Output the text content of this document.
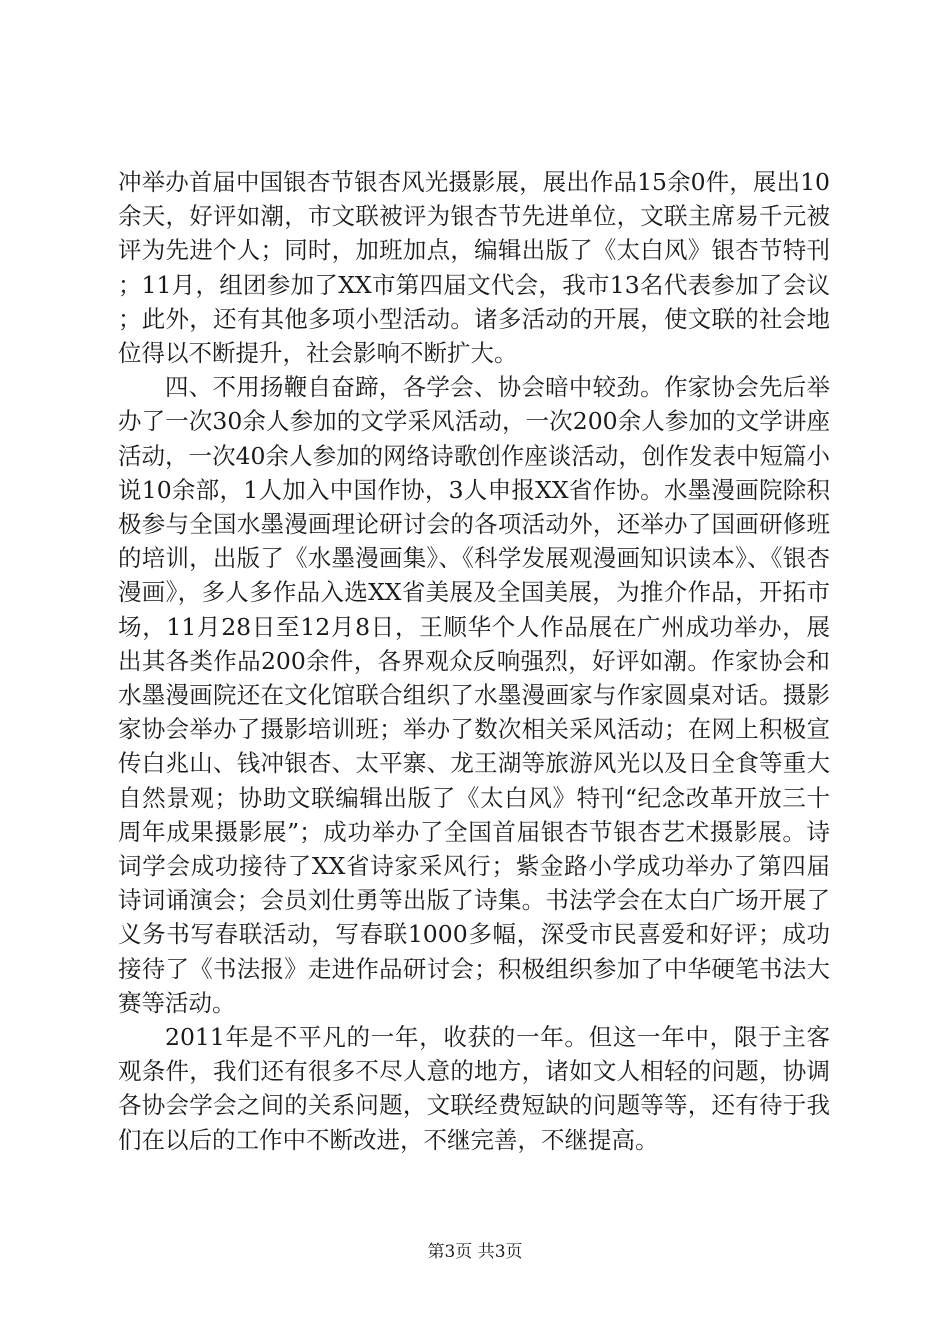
冲举办首届中国银杏节银杏风光摄影展，展出作品15余0件，展出10余天，好评如潮，市文联被评为银杏节先进单位，文联主席易千元被评为先进个人；同时，加班加点，编辑出版了《太白风》银杏节特刊；11月，组团参加了XX市第四届文代会，我市13名代表参加了会议；此外，还有其他多项小型活动。诸多活动的开展，使文联的社会地位得以不断提升，社会影响不断扩大。

四、不用扬鞭自奋蹄，各学会、协会暗中较劲。作家协会先后举办了一次30余人参加的文学采风活动，一次200余人参加的文学讲座活动，一次40余人参加的网络诗歌创作座谈活动，创作发表中短篇小说10余部，1人加入中国作协，3人申报XX省作协。水墨漫画院除积极参与全国水墨漫画理论研讨会的各项活动外，还举办了国画研修班的培训，出版了《水墨漫画集》、《科学发展观漫画知识读本》、《银杏漫画》，多人多作品入选XX省美展及全国美展，为推介作品，开拓市场，11月28日至12月8日，王顺华个人作品展在广州成功举办，展出其各类作品200余件，各界观众反响强烈，好评如潮。作家协会和水墨漫画院还在文化馆联合组织了水墨漫画家与作家圆桌对话。摄影家协会举办了摄影培训班；举办了数次相关采风活动；在网上积极宣传白兆山、钱冲银杏、太平寨、龙王湖等旅游风光以及日全食等重大自然景观；协助文联编辑出版了《太白风》特刊“纪念改革开放三十周年成果摄影展”；成功举办了全国首届银杏节银杏艺术摄影展。诗词学会成功接待了XX省诗家采风行；紫金路小学成功举办了第四届诗词诵演会；会员刘仕勇等出版了诗集。书法学会在太白广场开展了义务书写春联活动，写春联1000多幅，深受市民喜爱和好评；成功接待了《书法报》走进作品研讨会；积极组织参加了中华硬笔书法大赛等活动。

2011年是不平凡的一年，收获的一年。但这一年中，限于主客观条件，我们还有很多不尽人意的地方，诸如文人相轻的问题，协调各协会学会之间的关系问题，文联经费短缺的问题等等，还有待于我们在以后的工作中不断改进，不继完善，不继提高。

第3页 共3页
